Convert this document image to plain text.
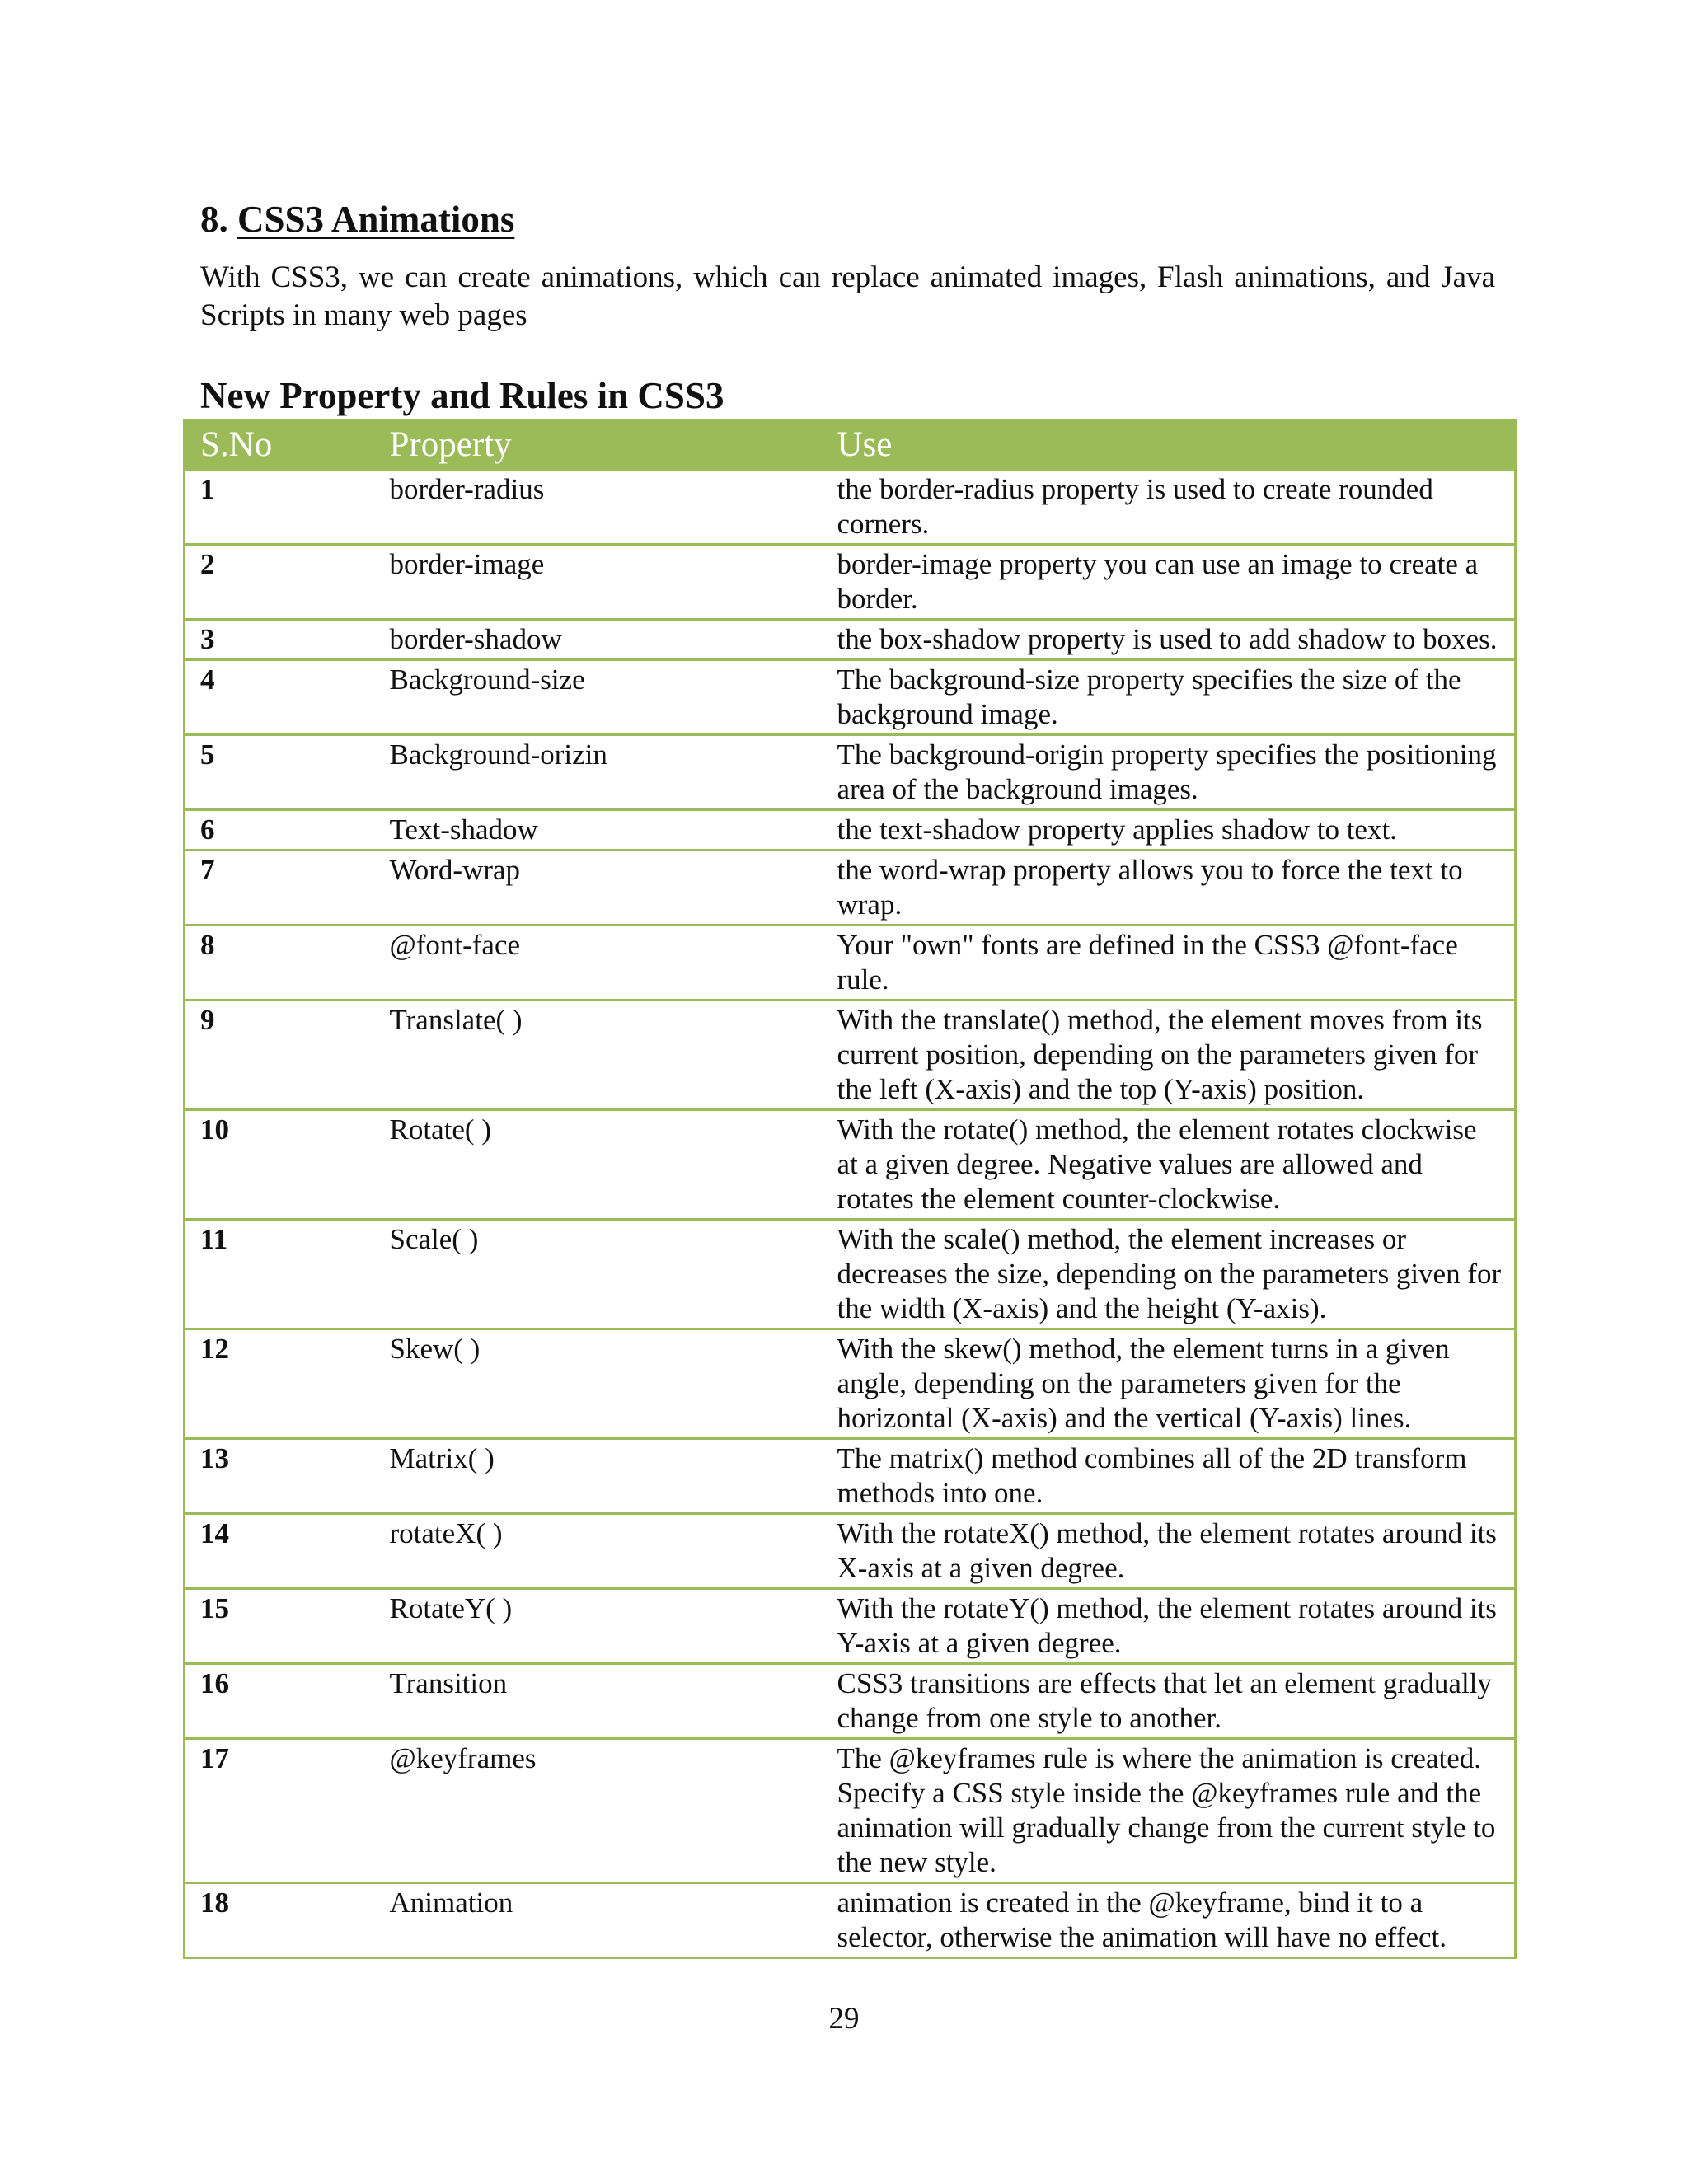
8. CSS3 Animations

With CSS3, we can create animations, which can replace animated images, Flash animations, and Java Scripts in many web pages

New Property and Rules in CSS3
S.No	Property	Use
1	border-radius	the border-radius property is used to create rounded corners.
2	border-image	border-image property you can use an image to create a border.
3	border-shadow	the box-shadow property is used to add shadow to boxes.
4	Background-size	The background-size property specifies the size of the background image.
5	Background-orizin	The background-origin property specifies the positioning area of the background images.
6	Text-shadow	the text-shadow property applies shadow to text.
7	Word-wrap	the word-wrap property allows you to force the text to wrap.
8	@font-face	Your "own" fonts are defined in the CSS3 @font-face rule.
9	Translate( )	With the translate() method, the element moves from its current position, depending on the parameters given for the left (X-axis) and the top (Y-axis) position.
10	Rotate( )	With the rotate() method, the element rotates clockwise at a given degree. Negative values are allowed and rotates the element counter-clockwise.
11	Scale( )	With the scale() method, the element increases or decreases the size, depending on the parameters given for the width (X-axis) and the height (Y-axis).
12	Skew( )	With the skew() method, the element turns in a given angle, depending on the parameters given for the horizontal (X-axis) and the vertical (Y-axis) lines.
13	Matrix( )	The matrix() method combines all of the 2D transform methods into one.
14	rotateX( )	With the rotateX() method, the element rotates around its X-axis at a given degree.
15	RotateY( )	With the rotateY() method, the element rotates around its Y-axis at a given degree.
16	Transition	CSS3 transitions are effects that let an element gradually change from one style to another.
17	@keyframes	The @keyframes rule is where the animation is created. Specify a CSS style inside the @keyframes rule and the animation will gradually change from the current style to the new style.
18	Animation	animation is created in the @keyframe, bind it to a selector, otherwise the animation will have no effect.
29
